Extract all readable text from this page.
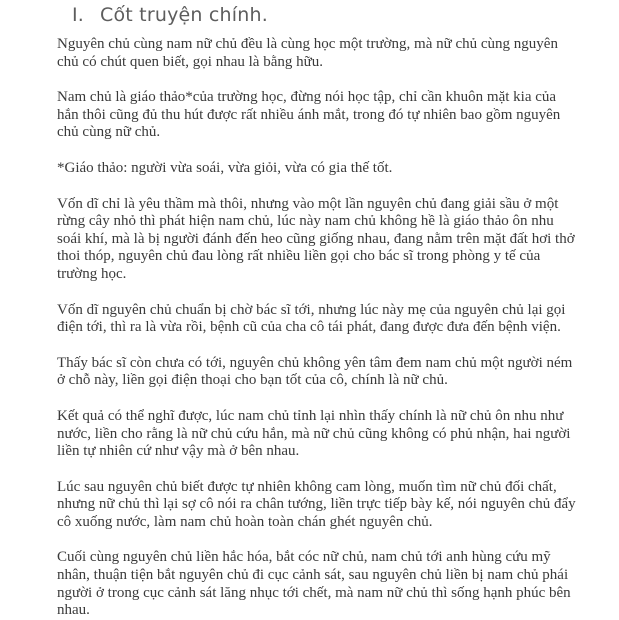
I. Cốt truyện chính.

Nguyên chủ cùng nam nữ chủ đều là cùng học một trường, mà nữ chủ cùng nguyên chủ có chút quen biết, gọi nhau là bằng hữu.

Nam chủ là giáo thảo*của trường học, đừng nói học tập, chỉ cần khuôn mặt kia của hắn thôi cũng đủ thu hút được rất nhiều ánh mắt, trong đó tự nhiên bao gồm nguyên chủ cùng nữ chủ.

*Giáo thảo: người vừa soái, vừa giỏi, vừa có gia thế tốt.

Vốn dĩ chỉ là yêu thầm mà thôi, nhưng vào một lần nguyên chủ đang giải sầu ở một rừng cây nhỏ thì phát hiện nam chủ, lúc này nam chủ không hề là giáo thảo ôn nhu soái khí, mà là bị người đánh đến heo cũng giống nhau, đang nằm trên mặt đất hơi thở thoi thóp, nguyên chủ đau lòng rất nhiều liền gọi cho bác sĩ trong phòng y tế của trường học.

Vốn dĩ nguyên chủ chuẩn bị chờ bác sĩ tới, nhưng lúc này mẹ của nguyên chủ lại gọi điện tới, thì ra là vừa rồi, bệnh cũ của cha cô tái phát, đang được đưa đến bệnh viện.

Thấy bác sĩ còn chưa có tới, nguyên chủ không yên tâm đem nam chủ một người ném ở chỗ này, liền gọi điện thoại cho bạn tốt của cô, chính là nữ chủ.

Kết quả có thể nghĩ được, lúc nam chủ tỉnh lại nhìn thấy chính là nữ chủ ôn nhu như nước, liền cho rằng là nữ chủ cứu hắn, mà nữ chủ cũng không có phủ nhận, hai người liền tự nhiên cứ như vậy mà ở bên nhau.

Lúc sau nguyên chủ biết được tự nhiên không cam lòng, muốn tìm nữ chủ đối chất, nhưng nữ chủ thì lại sợ cô nói ra chân tướng, liền trực tiếp bày kế, nói nguyên chủ đẩy cô xuống nước, làm nam chủ hoàn toàn chán ghét nguyên chủ.

Cuối cùng nguyên chủ liền hắc hóa, bắt cóc nữ chủ, nam chủ tới anh hùng cứu mỹ nhân, thuận tiện bắt nguyên chủ đi cục cảnh sát, sau nguyên chủ liền bị nam chủ phái người ở trong cục cảnh sát lăng nhục tới chết, mà nam nữ chủ thì sống hạnh phúc bên nhau.
